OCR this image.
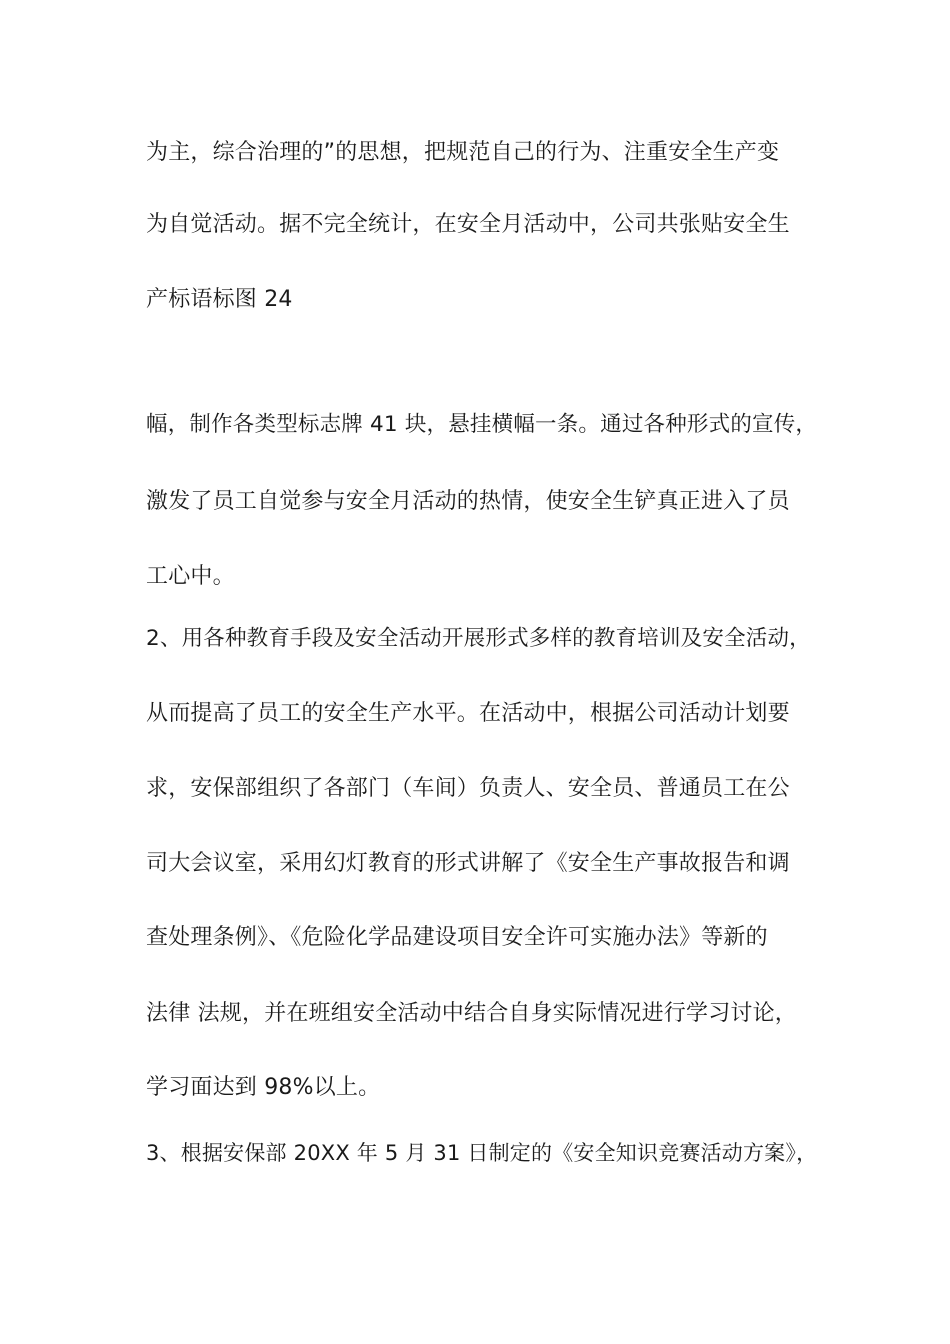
为主，综合治理的”的思想，把规范自己的行为、注重安全生产变
为自觉活动。据不完全统计，在安全月活动中，公司共张贴安全生
产标语标图 24
幅，制作各类型标志牌 41 块，悬挂横幅一条。通过各种形式的宣传，
激发了员工自觉参与安全月活动的热情，使安全生铲真正进入了员
工心中。
2、用各种教育手段及安全活动开展形式多样的教育培训及安全活动，
从而提高了员工的安全生产水平。在活动中，根据公司活动计划要
求，安保部组织了各部门（车间）负责人、安全员、普通员工在公
司大会议室，采用幻灯教育的形式讲解了《安全生产事故报告和调
查处理条例》、《危险化学品建设项目安全许可实施办法》等新的
法律 法规，并在班组安全活动中结合自身实际情况进行学习讨论，
学习面达到 98%以上。
3、根据安保部 20XX 年 5 月 31 日制定的《安全知识竞赛活动方案》，
